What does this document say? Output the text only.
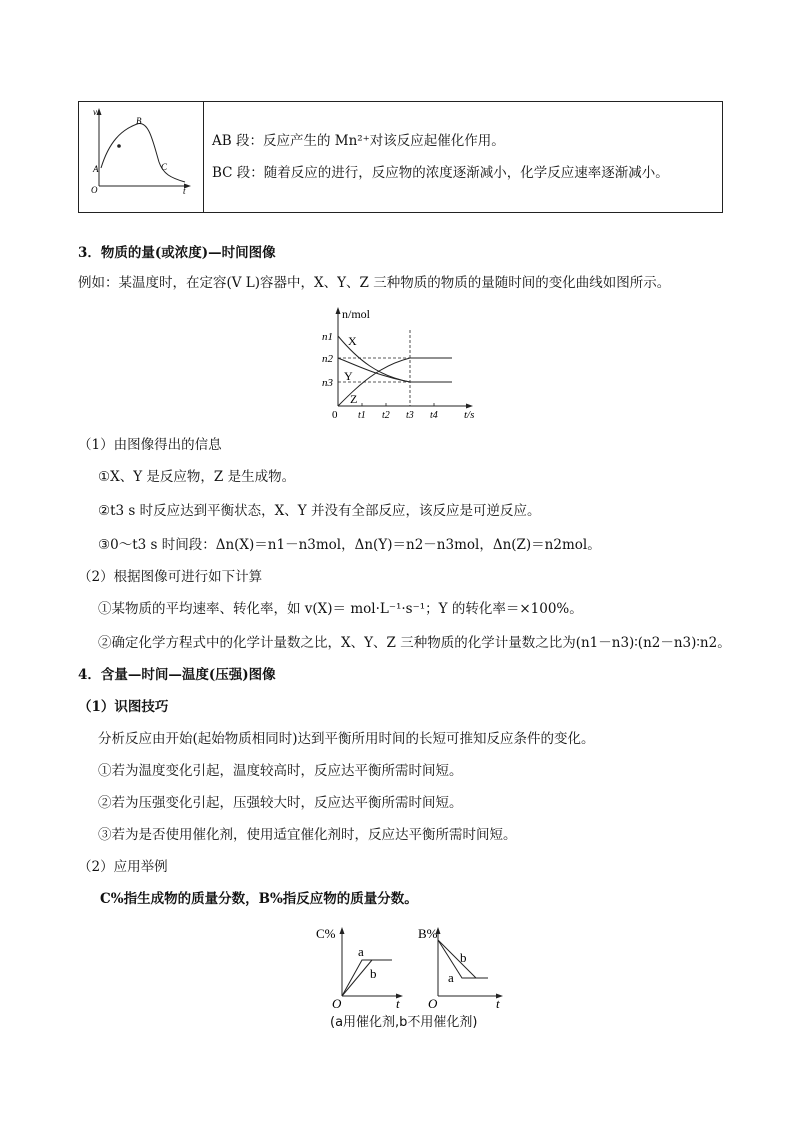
v
A
B
C
O	t

AB 段：反应产生的 Mn²⁺对该反应起催化作用。
BC 段：随着反应的进行，反应物的浓度逐渐减小，化学反应速率逐渐减小。
3．物质的量(或浓度)—时间图像
例如：某温度时，在定容(V L)容器中，X、Y、Z 三种物质的物质的量随时间的变化曲线如图所示。
n/mol
n1
n2
n3
X
Y
Z
0 t1 t2 t3 t4 t/s
（1）由图像得出的信息
①X、Y 是反应物，Z 是生成物。
②t3 s 时反应达到平衡状态，X、Y 并没有全部反应，该反应是可逆反应。
③0～t3 s 时间段：Δn(X)＝n1－n3mol，Δn(Y)＝n2－n3mol，Δn(Z)＝n2mol。
（2）根据图像可进行如下计算
①某物质的平均速率、转化率，如 v(X)＝ mol·L⁻¹·s⁻¹；Y 的转化率＝×100%。
②确定化学方程式中的化学计量数之比，X、Y、Z 三种物质的化学计量数之比为(n1－n3)∶(n2－n3)∶n2。
4．含量—时间—温度(压强)图像
（1）识图技巧
分析反应由开始(起始物质相同时)达到平衡所用时间的长短可推知反应条件的变化。
①若为温度变化引起，温度较高时，反应达平衡所需时间短。
②若为压强变化引起，压强较大时，反应达平衡所需时间短。
③若为是否使用催化剂，使用适宜催化剂时，反应达平衡所需时间短。
（2）应用举例
C%指生成物的质量分数，B%指反应物的质量分数。
C%
a
b
O	t
B%
b
a
O	t
(a用催化剂,b不用催化剂)
